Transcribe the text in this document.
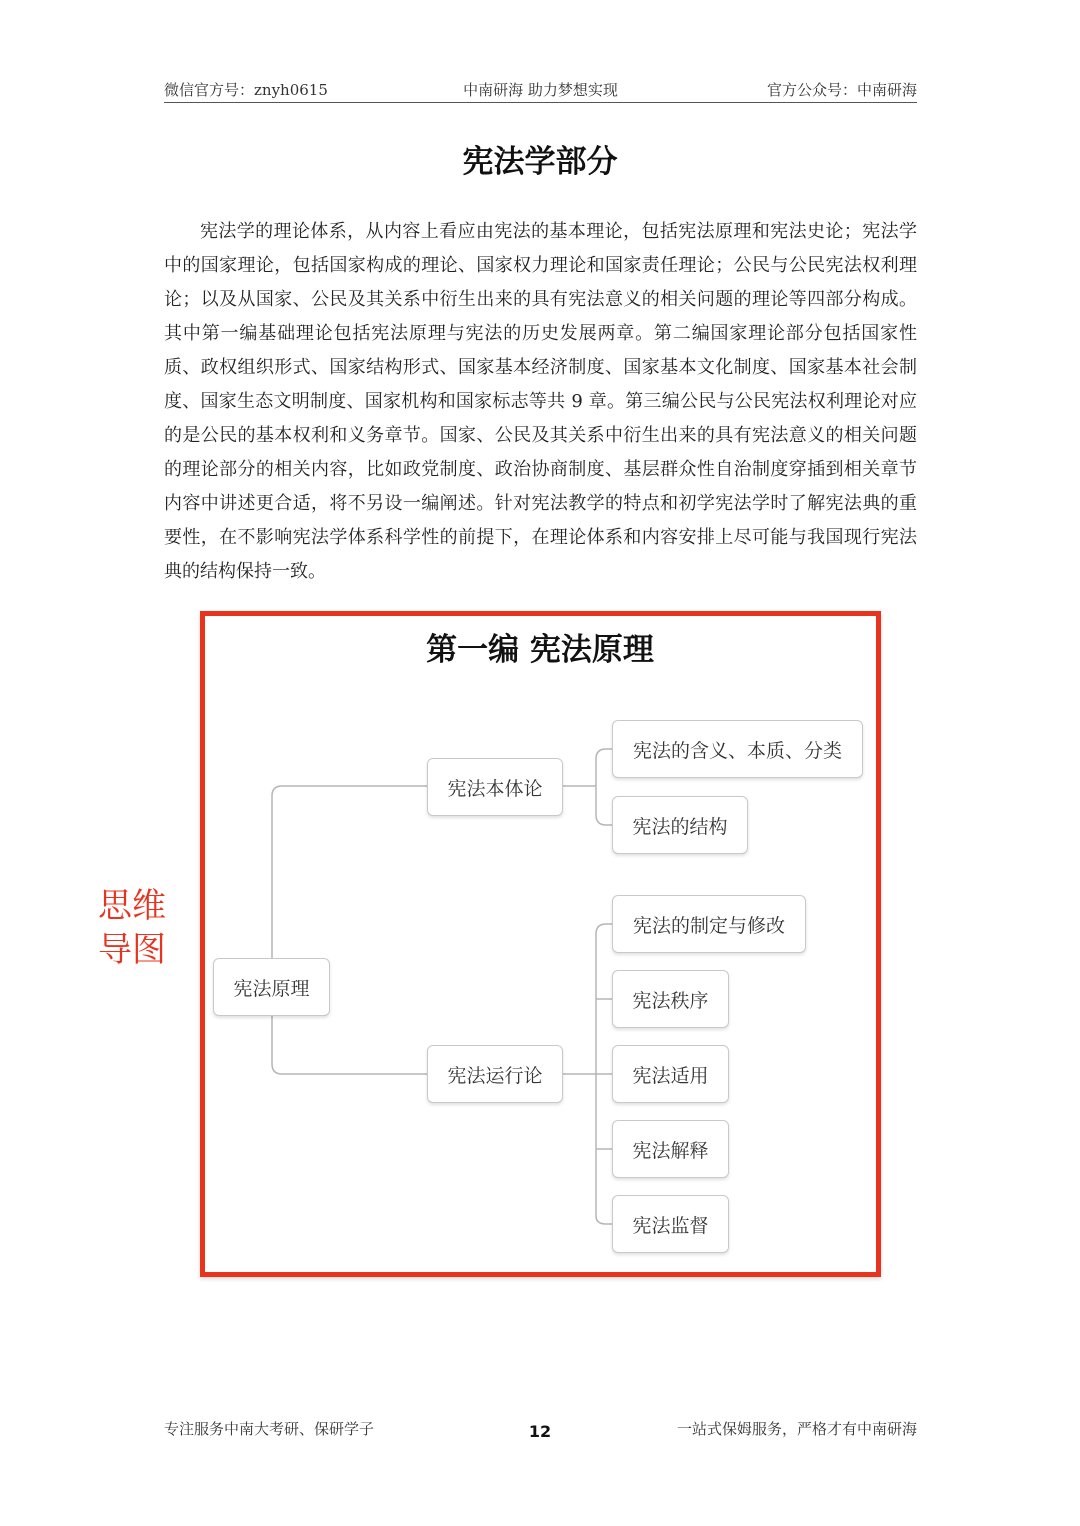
微信官方号：znyh0615	中南研海 助力梦想实现	官方公众号：中南研海
宪法学部分

宪法学的理论体系，从内容上看应由宪法的基本理论，包括宪法原理和宪法史论；宪法学中的国家理论，包括国家构成的理论、国家权力理论和国家责任理论；公民与公民宪法权利理论；以及从国家、公民及其关系中衍生出来的具有宪法意义的相关问题的理论等四部分构成。其中第一编基础理论包括宪法原理与宪法的历史发展两章。第二编国家理论部分包括国家性质、政权组织形式、国家结构形式、国家基本经济制度、国家基本文化制度、国家基本社会制度、国家生态文明制度、国家机构和国家标志等共 9 章。第三编公民与公民宪法权利理论对应的是公民的基本权利和义务章节。国家、公民及其关系中衍生出来的具有宪法意义的相关问题的理论部分的相关内容，比如政党制度、政治协商制度、基层群众性自治制度穿插到相关章节内容中讲述更合适，将不另设一编阐述。针对宪法教学的特点和初学宪法学时了解宪法典的重要性，在不影响宪法学体系科学性的前提下，在理论体系和内容安排上尽可能与我国现行宪法典的结构保持一致。

思维
导图
第一编 宪法原理
宪法原理
宪法本体论
宪法运行论
宪法的含义、本质、分类
宪法的结构
宪法的制定与修改
宪法秩序
宪法适用
宪法解释
宪法监督
专注服务中南大考研、保研学子	12	一站式保姆服务，严格才有中南研海
